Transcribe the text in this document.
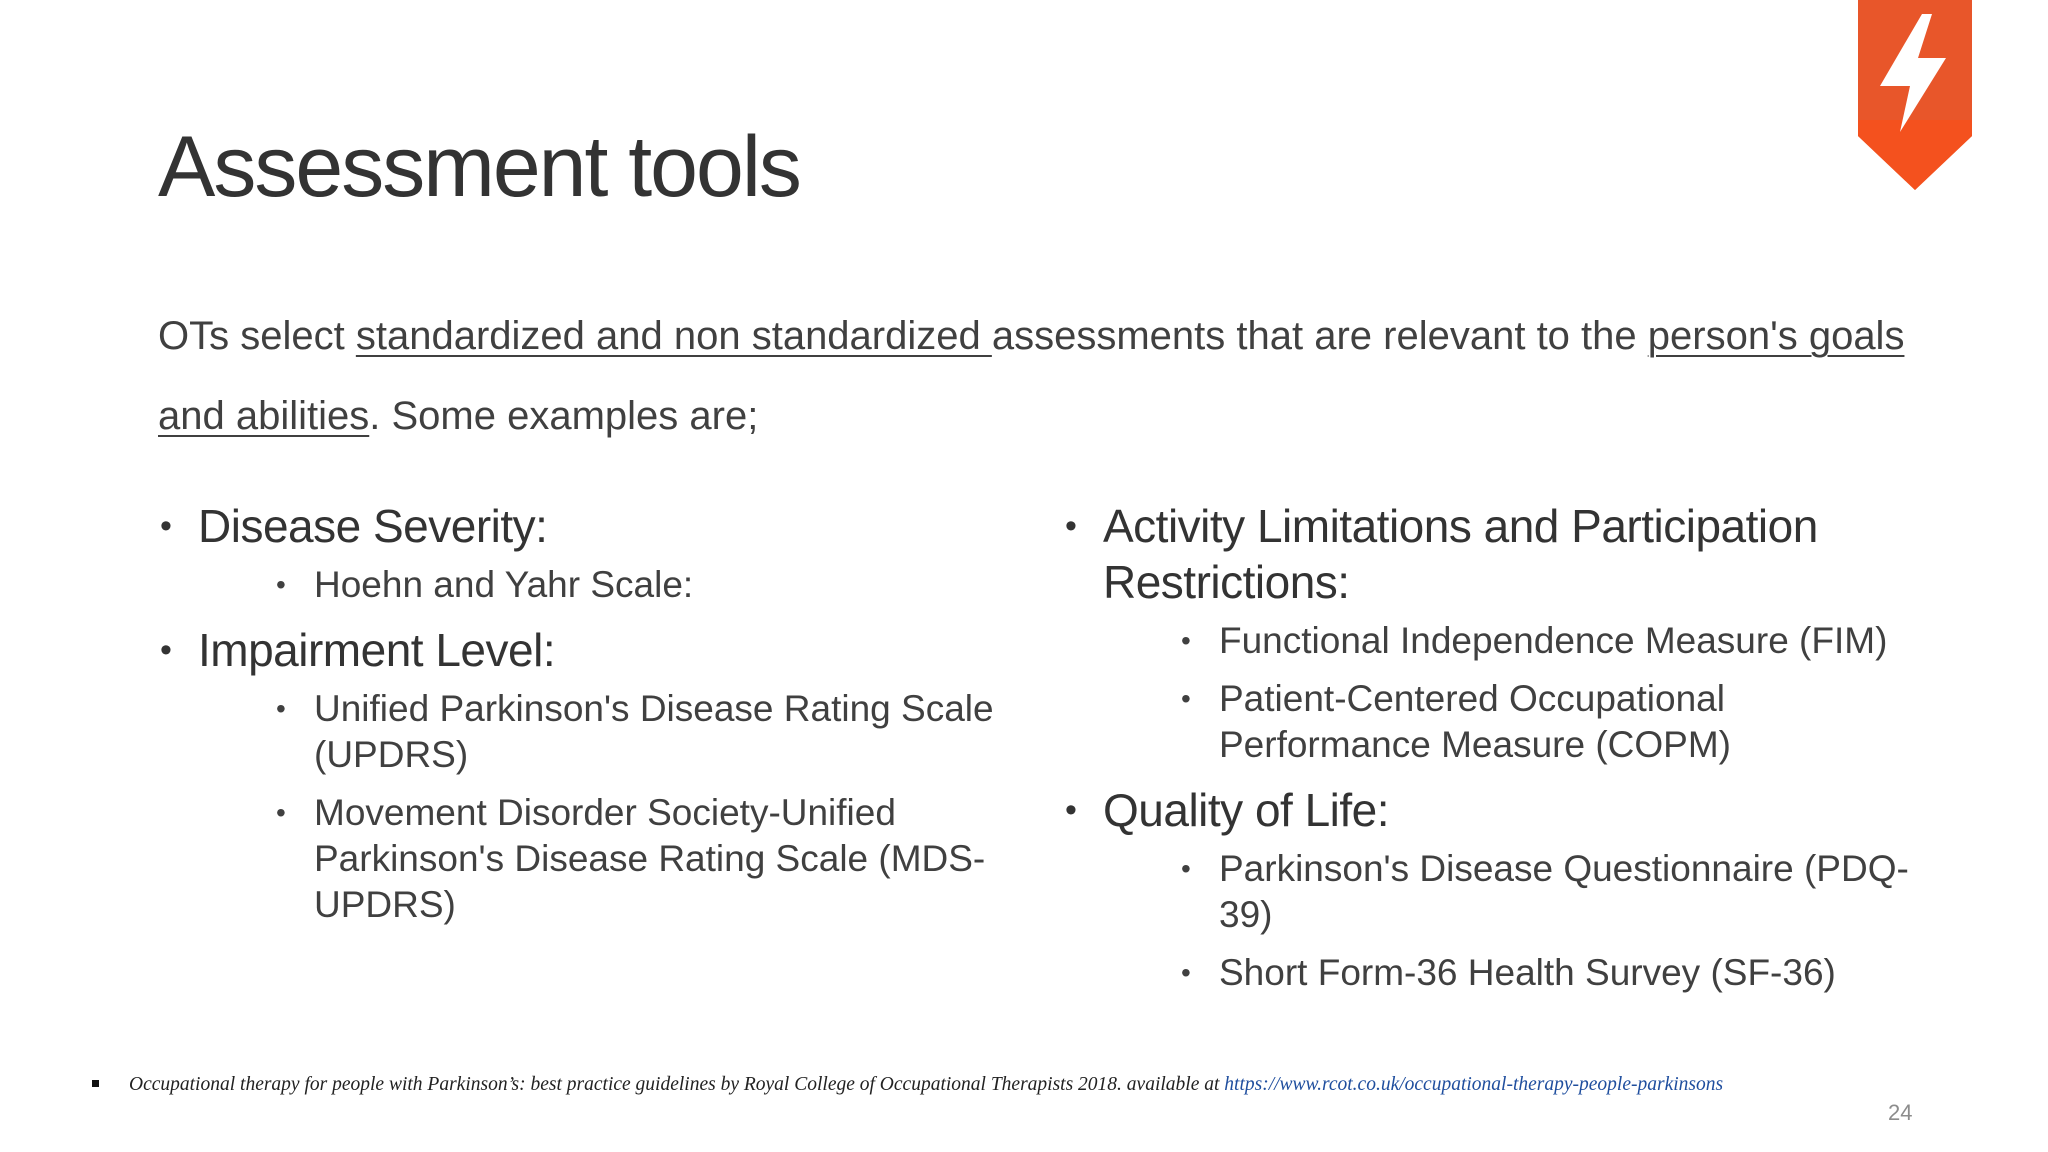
Assessment tools
OTs select standardized and non standardized assessments that are relevant to the person's goals and abilities. Some examples are;
• Disease Severity:
• Hoehn and Yahr Scale:
• Impairment Level:
• Unified Parkinson's Disease Rating Scale (UPDRS)
• Movement Disorder Society-Unified Parkinson's Disease Rating Scale (MDS-UPDRS)
• Activity Limitations and Participation Restrictions:
• Functional Independence Measure (FIM)
• Patient-Centered Occupational Performance Measure (COPM)
• Quality of Life:
• Parkinson's Disease Questionnaire (PDQ-39)
• Short Form-36 Health Survey (SF-36)
Occupational therapy for people with Parkinson’s: best practice guidelines by Royal College of Occupational Therapists 2018. available at https://www.rcot.co.uk/occupational-therapy-people-parkinsons
24
